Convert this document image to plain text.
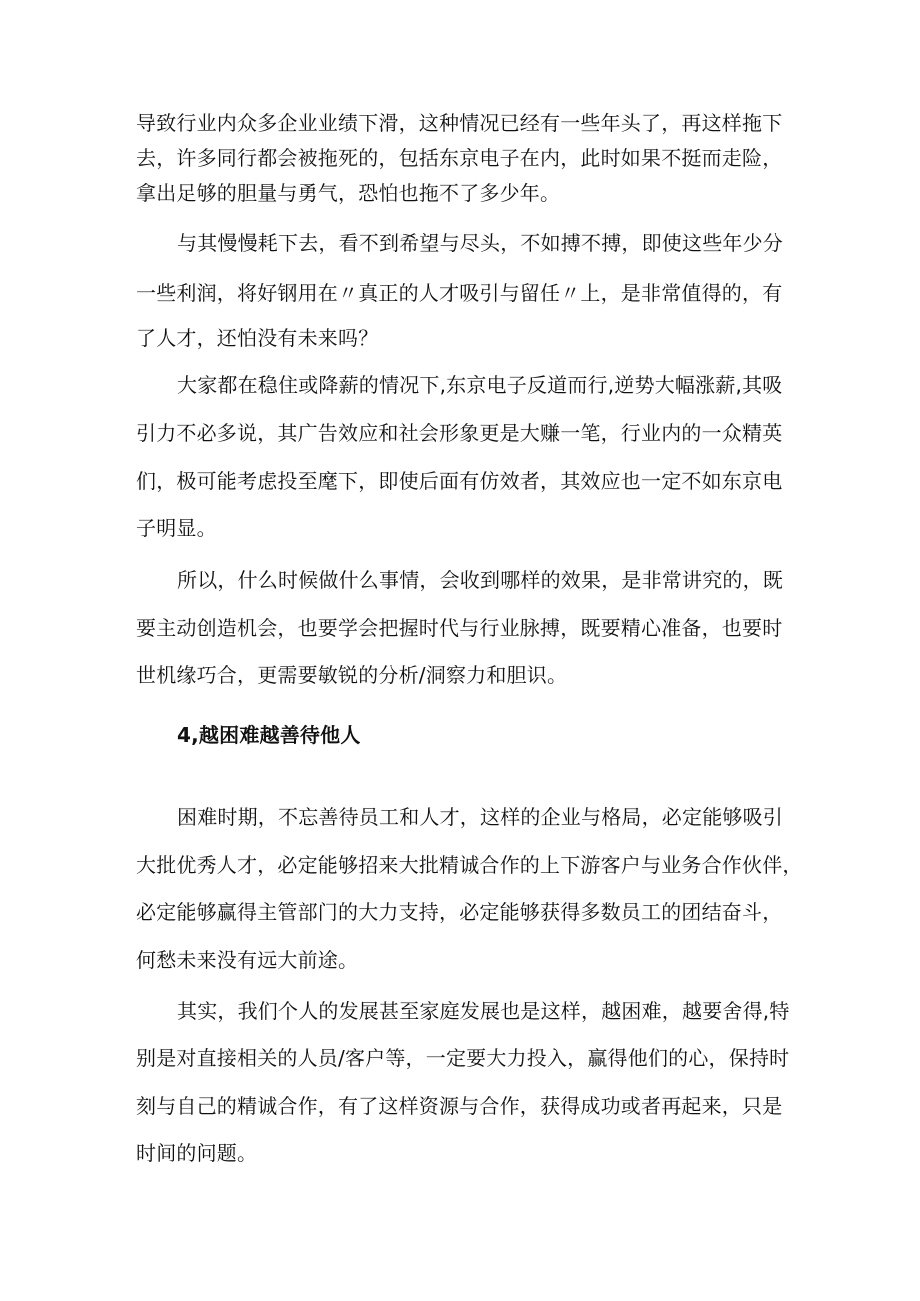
导致行业内众多企业业绩下滑，这种情况已经有一些年头了，再这样拖下
去，许多同行都会被拖死的，包括东京电子在内，此时如果不挺而走险，
拿出足够的胆量与勇气，恐怕也拖不了多少年。
与其慢慢耗下去，看不到希望与尽头，不如搏不搏，即使这些年少分
一些利润，将好钢用在〃真正的人才吸引与留任〃上，是非常值得的，有
了人才，还怕没有未来吗？
大家都在稳住或降薪的情况下,东京电子反道而行,逆势大幅涨薪,其吸
引力不必多说，其广告效应和社会形象更是大赚一笔，行业内的一众精英
们，极可能考虑投至麾下，即使后面有仿效者，其效应也一定不如东京电
子明显。
所以，什么时候做什么事情，会收到哪样的效果，是非常讲究的，既
要主动创造机会，也要学会把握时代与行业脉搏，既要精心准备，也要时
世机缘巧合，更需要敏锐的分析/洞察力和胆识。
4,越困难越善待他人
困难时期，不忘善待员工和人才，这样的企业与格局，必定能够吸引
大批优秀人才，必定能够招来大批精诚合作的上下游客户与业务合作伙伴，
必定能够赢得主管部门的大力支持，必定能够获得多数员工的团结奋斗，
何愁未来没有远大前途。
其实，我们个人的发展甚至家庭发展也是这样，越困难，越要舍得,特
别是对直接相关的人员/客户等，一定要大力投入，赢得他们的心，保持时
刻与自己的精诚合作，有了这样资源与合作，获得成功或者再起来，只是
时间的问题。
